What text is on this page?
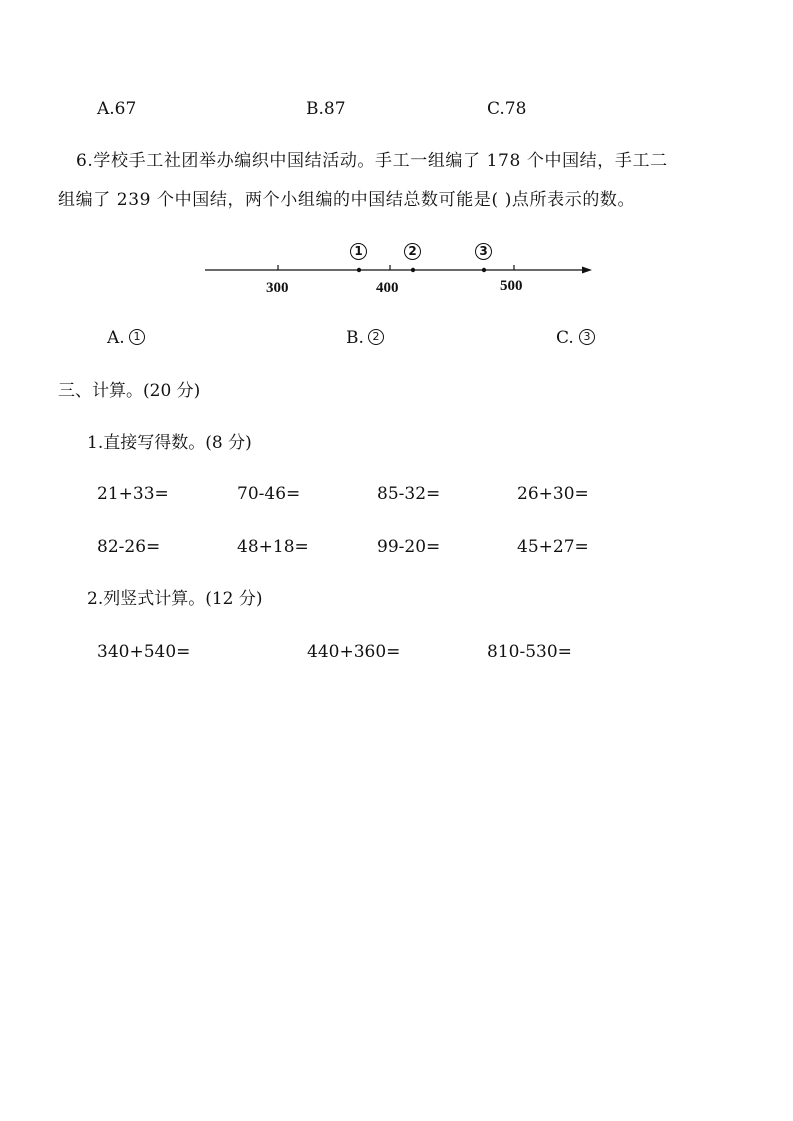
A.67	B.87	C.78
6.学校手工社团举办编织中国结活动。手工一组编了 178 个中国结，手工二
组编了 239 个中国结，两个小组编的中国结总数可能是( )点所表示的数。
1	2	3
300	400	500
A. 1	B. 2	C. 3
三、计算。(20 分)
1.直接写得数。(8 分)
21+33=	70-46=	85-32=	26+30=
82-26=	48+18=	99-20=	45+27=
2.列竖式计算。(12 分)
340+540=	440+360=	810-530=
